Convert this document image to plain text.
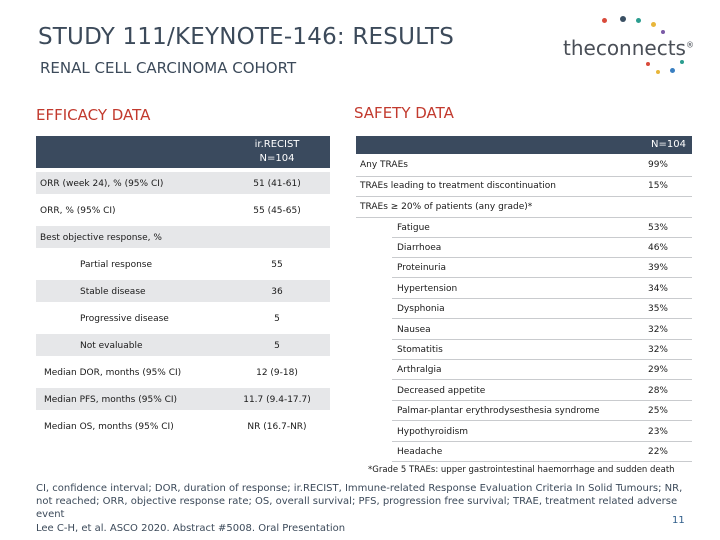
STUDY 111/KEYNOTE-146: RESULTS
RENAL CELL CARCINOMA COHORT
theconnects®
EFFICACY DATA
ir.RECIST
N=104
ORR (week 24), % (95% CI)	51 (41-61)
ORR, % (95% CI)	55 (45-65)
Best objective response, %
Partial response	55
Stable disease	36
Progressive disease	5
Not evaluable	5
Median DOR, months (95% CI)	12 (9-18)
Median PFS, months (95% CI)	11.7 (9.4-17.7)
Median OS, months (95% CI)	NR (16.7-NR)
SAFETY DATA
N=104
Any TRAEs	99%
TRAEs leading to treatment discontinuation	15%
TRAEs ≥ 20% of patients (any grade)*
Fatigue	53%
Diarrhoea	46%
Proteinuria	39%
Hypertension	34%
Dysphonia	35%
Nausea	32%
Stomatitis	32%
Arthralgia	29%
Decreased appetite	28%
Palmar-plantar erythrodysesthesia syndrome	25%
Hypothyroidism	23%
Headache	22%
*Grade 5 TRAEs: upper gastrointestinal haemorrhage and sudden death
CI, confidence interval; DOR, duration of response; ir.RECIST, Immune-related Response Evaluation Criteria In Solid Tumours; NR,
not reached; ORR, objective response rate; OS, overall survival; PFS, progression free survival; TRAE, treatment related adverse
event
Lee C-H, et al. ASCO 2020. Abstract #5008. Oral Presentation
11
